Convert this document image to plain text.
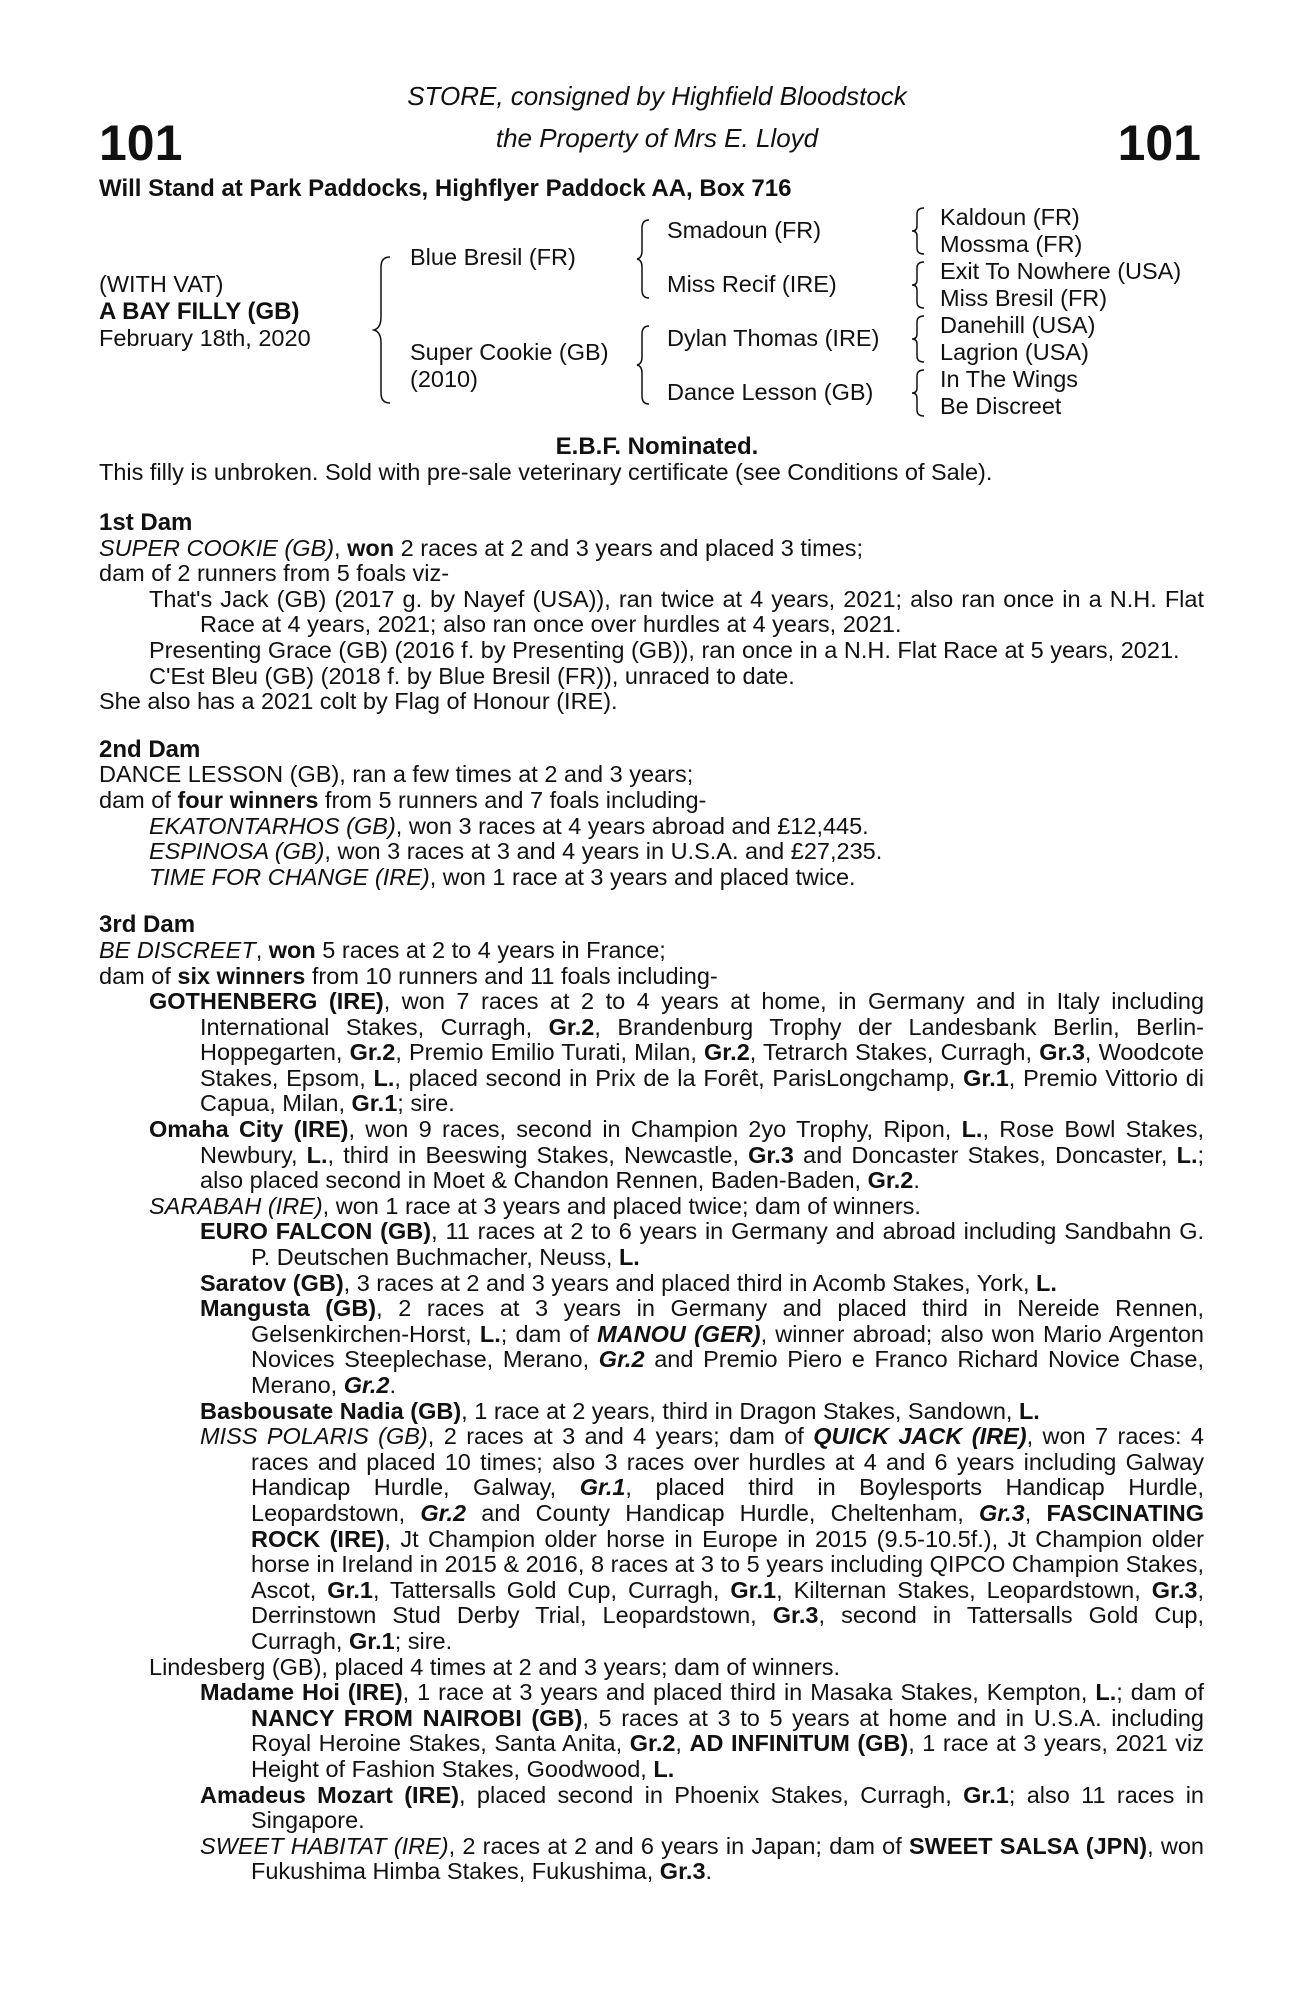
101	101
STORE, consigned by Highfield Bloodstock
the Property of Mrs E. Lloyd
Will Stand at Park Paddocks, Highflyer Paddock AA, Box 716
(WITH VAT)
A BAY FILLY (GB)
February 18th, 2020
Blue Bresil (FR)
Super Cookie (GB)
(2010)
Smadoun (FR)
Miss Recif (IRE)
Dylan Thomas (IRE)
Dance Lesson (GB)
Kaldoun (FR)
Mossma (FR)
Exit To Nowhere (USA)
Miss Bresil (FR)
Danehill (USA)
Lagrion (USA)
In The Wings
Be Discreet
E.B.F. Nominated.
This filly is unbroken. Sold with pre-sale veterinary certificate (see Conditions of Sale).
1st Dam
SUPER COOKIE (GB), won 2 races at 2 and 3 years and placed 3 times;
dam of 2 runners from 5 foals viz-
That's Jack (GB) (2017 g. by Nayef (USA)), ran twice at 4 years, 2021; also ran once in a N.H. Flat Race at 4 years, 2021; also ran once over hurdles at 4 years, 2021.
Presenting Grace (GB) (2016 f. by Presenting (GB)), ran once in a N.H. Flat Race at 5 years, 2021.
C'Est Bleu (GB) (2018 f. by Blue Bresil (FR)), unraced to date.
She also has a 2021 colt by Flag of Honour (IRE).
2nd Dam
DANCE LESSON (GB), ran a few times at 2 and 3 years;
dam of four winners from 5 runners and 7 foals including-
EKATONTARHOS (GB), won 3 races at 4 years abroad and £12,445.
ESPINOSA (GB), won 3 races at 3 and 4 years in U.S.A. and £27,235.
TIME FOR CHANGE (IRE), won 1 race at 3 years and placed twice.
3rd Dam
BE DISCREET, won 5 races at 2 to 4 years in France;
dam of six winners from 10 runners and 11 foals including-
GOTHENBERG (IRE), won 7 races at 2 to 4 years at home, in Germany and in Italy including International Stakes, Curragh, Gr.2, Brandenburg Trophy der Landesbank Berlin, Berlin-Hoppegarten, Gr.2, Premio Emilio Turati, Milan, Gr.2, Tetrarch Stakes, Curragh, Gr.3, Woodcote Stakes, Epsom, L., placed second in Prix de la Forêt, ParisLongchamp, Gr.1, Premio Vittorio di Capua, Milan, Gr.1; sire.
Omaha City (IRE), won 9 races, second in Champion 2yo Trophy, Ripon, L., Rose Bowl Stakes, Newbury, L., third in Beeswing Stakes, Newcastle, Gr.3 and Doncaster Stakes, Doncaster, L.; also placed second in Moet & Chandon Rennen, Baden-Baden, Gr.2.
SARABAH (IRE), won 1 race at 3 years and placed twice; dam of winners.
EURO FALCON (GB), 11 races at 2 to 6 years in Germany and abroad including Sandbahn G. P. Deutschen Buchmacher, Neuss, L.
Saratov (GB), 3 races at 2 and 3 years and placed third in Acomb Stakes, York, L.
Mangusta (GB), 2 races at 3 years in Germany and placed third in Nereide Rennen, Gelsenkirchen-Horst, L.; dam of MANOU (GER), winner abroad; also won Mario Argenton Novices Steeplechase, Merano, Gr.2 and Premio Piero e Franco Richard Novice Chase, Merano, Gr.2.
Basbousate Nadia (GB), 1 race at 2 years, third in Dragon Stakes, Sandown, L.
MISS POLARIS (GB), 2 races at 3 and 4 years; dam of QUICK JACK (IRE), won 7 races: 4 races and placed 10 times; also 3 races over hurdles at 4 and 6 years including Galway Handicap Hurdle, Galway, Gr.1, placed third in Boylesports Handicap Hurdle, Leopardstown, Gr.2 and County Handicap Hurdle, Cheltenham, Gr.3, FASCINATING ROCK (IRE), Jt Champion older horse in Europe in 2015 (9.5-10.5f.), Jt Champion older horse in Ireland in 2015 & 2016, 8 races at 3 to 5 years including QIPCO Champion Stakes, Ascot, Gr.1, Tattersalls Gold Cup, Curragh, Gr.1, Kilternan Stakes, Leopardstown, Gr.3, Derrinstown Stud Derby Trial, Leopardstown, Gr.3, second in Tattersalls Gold Cup, Curragh, Gr.1; sire.
Lindesberg (GB), placed 4 times at 2 and 3 years; dam of winners.
Madame Hoi (IRE), 1 race at 3 years and placed third in Masaka Stakes, Kempton, L.; dam of NANCY FROM NAIROBI (GB), 5 races at 3 to 5 years at home and in U.S.A. including Royal Heroine Stakes, Santa Anita, Gr.2, AD INFINITUM (GB), 1 race at 3 years, 2021 viz Height of Fashion Stakes, Goodwood, L.
Amadeus Mozart (IRE), placed second in Phoenix Stakes, Curragh, Gr.1; also 11 races in Singapore.
SWEET HABITAT (IRE), 2 races at 2 and 6 years in Japan; dam of SWEET SALSA (JPN), won Fukushima Himba Stakes, Fukushima, Gr.3.
